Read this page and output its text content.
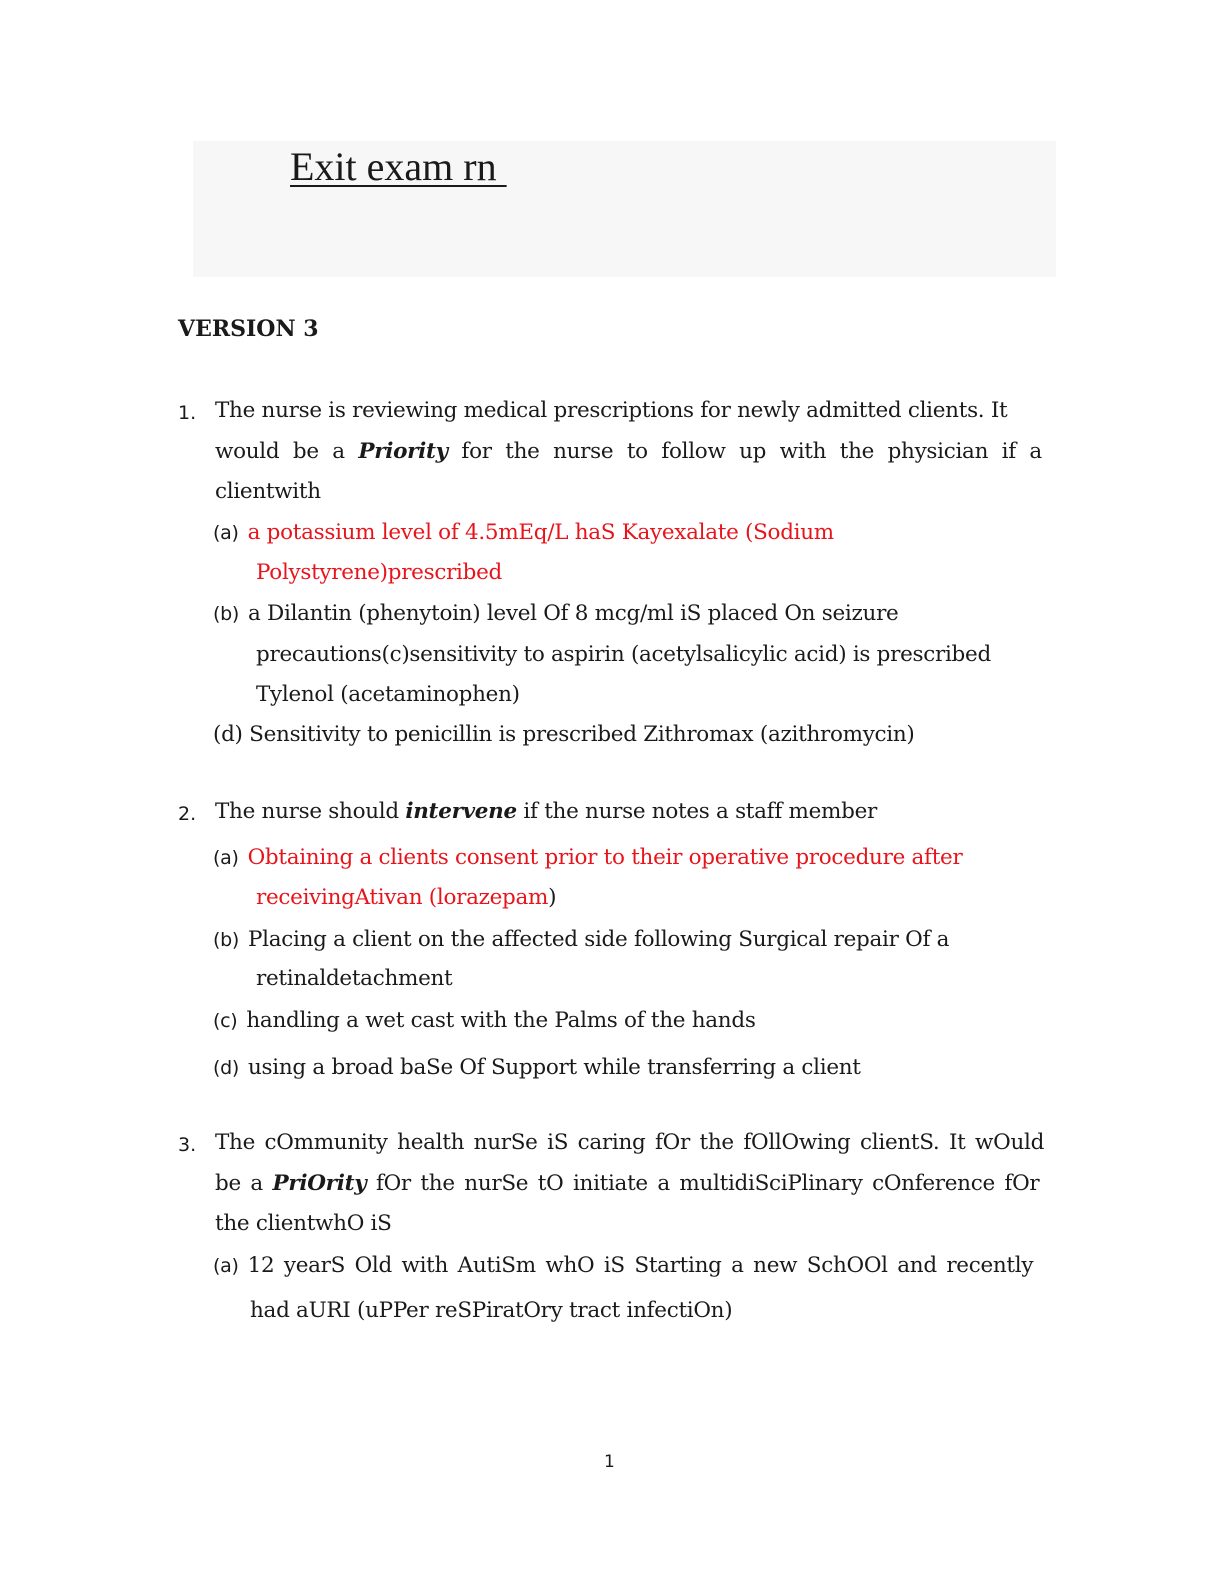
Exit exam rn
VERSION 3
1. The nurse is reviewing medical prescriptions for newly admitted clients. It
would be a Priority for the nurse to follow up with the physician if a
clientwith
(a) a potassium level of 4.5mEq/L haS Kayexalate (Sodium
Polystyrene)prescribed
(b) a Dilantin (phenytoin) level Of 8 mcg/ml iS placed On seizure
precautions(c)sensitivity to aspirin (acetylsalicylic acid) is prescribed
Tylenol (acetaminophen)
(d) Sensitivity to penicillin is prescribed Zithromax (azithromycin)
2. The nurse should intervene if the nurse notes a staff member
(a) Obtaining a clients consent prior to their operative procedure after
receivingAtivan (lorazepam)
(b) Placing a client on the affected side following Surgical repair Of a
retinaldetachment
(c) handling a wet cast with the Palms of the hands
(d) using a broad baSe Of Support while transferring a client
3. The cOmmunity health nurSe iS caring fOr the fOllOwing clientS. It wOuld
be a PriOrity fOr the nurSe tO initiate a multidiSciPlinary cOnference fOr
the clientwhO iS
(a) 12 yearS Old with AutiSm whO iS Starting a new SchOOl and recently
had aURI (uPPer reSPiratOry tract infectiOn)
1
